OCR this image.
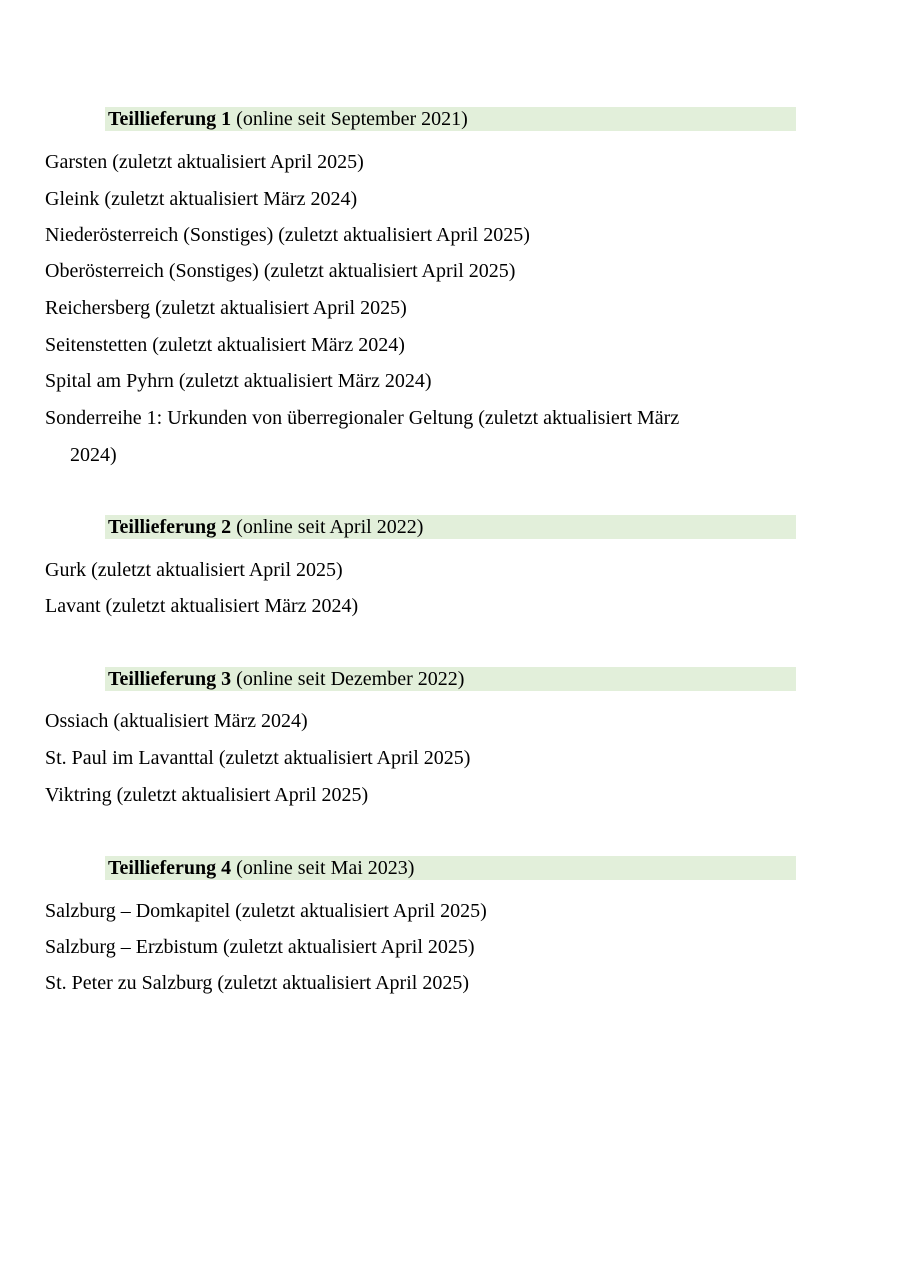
Teillieferung 1 (online seit September 2021)
Garsten (zuletzt aktualisiert April 2025)
Gleink (zuletzt aktualisiert März 2024)
Niederösterreich (Sonstiges) (zuletzt aktualisiert April 2025)
Oberösterreich (Sonstiges) (zuletzt aktualisiert April 2025)
Reichersberg (zuletzt aktualisiert April 2025)
Seitenstetten (zuletzt aktualisiert März 2024)
Spital am Pyhrn (zuletzt aktualisiert März 2024)
Sonderreihe 1: Urkunden von überregionaler Geltung (zuletzt aktualisiert März 2024)
Teillieferung 2 (online seit April 2022)
Gurk (zuletzt aktualisiert April 2025)
Lavant (zuletzt aktualisiert März 2024)
Teillieferung 3 (online seit Dezember 2022)
Ossiach (aktualisiert März 2024)
St. Paul im Lavanttal (zuletzt aktualisiert April 2025)
Viktring (zuletzt aktualisiert April 2025)
Teillieferung 4 (online seit Mai 2023)
Salzburg – Domkapitel (zuletzt aktualisiert April 2025)
Salzburg – Erzbistum (zuletzt aktualisiert April 2025)
St. Peter zu Salzburg (zuletzt aktualisiert April 2025)
